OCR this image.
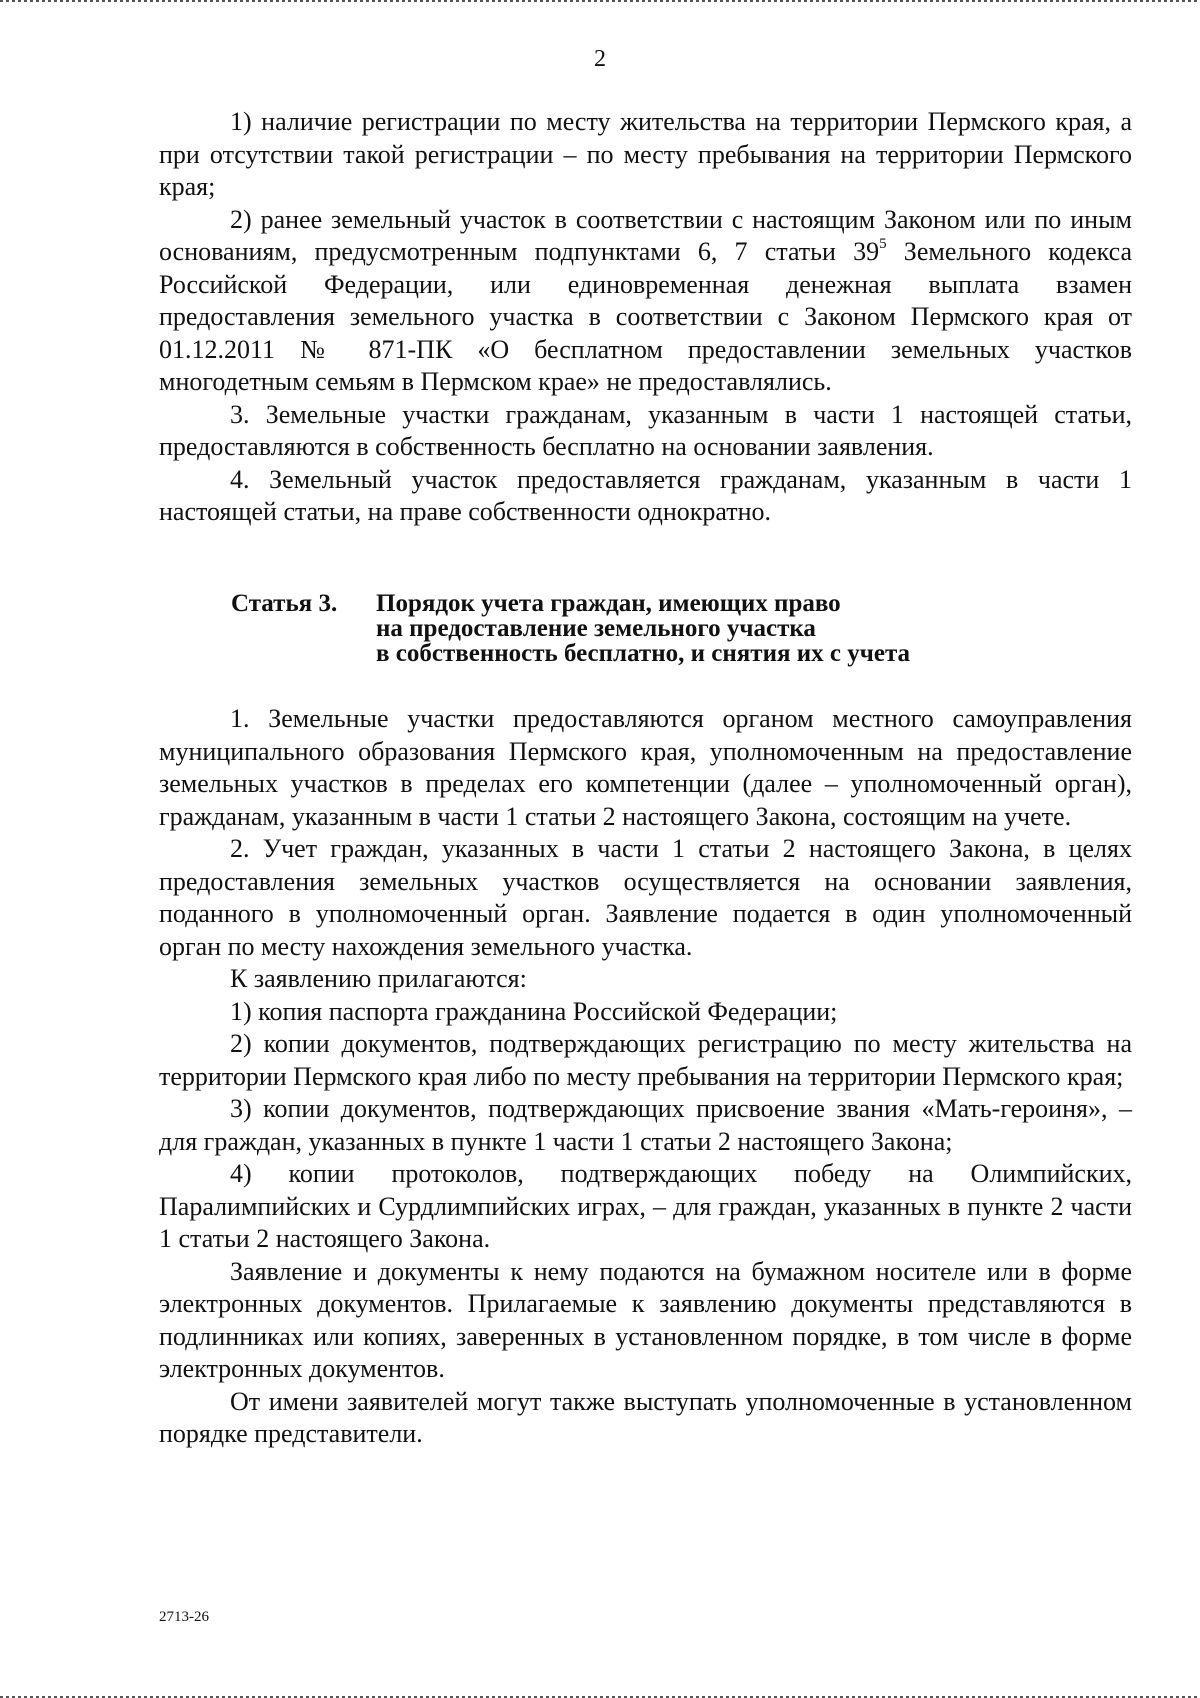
2

1) наличие регистрации по месту жительства на территории Пермского края, а при отсутствии такой регистрации – по месту пребывания на территории Пермского края;

2) ранее земельный участок в соответствии с настоящим Законом или по иным основаниям, предусмотренным подпунктами 6, 7 статьи $39^5$ Земельного кодекса Российской Федерации, или единовременная денежная выплата взамен предоставления земельного участка в соответствии с Законом Пермского края от 01.12.2011 № 871-ПК «О бесплатном предоставлении земельных участков многодетным семьям в Пермском крае» не предоставлялись.

3. Земельные участки гражданам, указанным в части 1 настоящей статьи, предоставляются в собственность бесплатно на основании заявления.

4. Земельный участок предоставляется гражданам, указанным в части 1 настоящей статьи, на праве собственности однократно.

Статья 3.	Порядок учета граждан, имеющих право
на предоставление земельного участка
в собственность бесплатно, и снятия их с учета

1. Земельные участки предоставляются органом местного самоуправления муниципального образования Пермского края, уполномоченным на предоставление земельных участков в пределах его компетенции (далее – уполномоченный орган), гражданам, указанным в части 1 статьи 2 настоящего Закона, состоящим на учете.

2. Учет граждан, указанных в части 1 статьи 2 настоящего Закона, в целях предоставления земельных участков осуществляется на основании заявления, поданного в уполномоченный орган. Заявление подается в один уполномоченный орган по месту нахождения земельного участка.

К заявлению прилагаются:

1) копия паспорта гражданина Российской Федерации;

2) копии документов, подтверждающих регистрацию по месту жительства на территории Пермского края либо по месту пребывания на территории Пермского края;

3) копии документов, подтверждающих присвоение звания «Мать-героиня», – для граждан, указанных в пункте 1 части 1 статьи 2 настоящего Закона;

4) копии протоколов, подтверждающих победу на Олимпийских, Паралимпийских и Сурдлимпийских играх, – для граждан, указанных в пункте 2 части 1 статьи 2 настоящего Закона.

Заявление и документы к нему подаются на бумажном носителе или в форме электронных документов. Прилагаемые к заявлению документы представляются в подлинниках или копиях, заверенных в установленном порядке, в том числе в форме электронных документов.

От имени заявителей могут также выступать уполномоченные в установленном порядке представители.

2713-26
